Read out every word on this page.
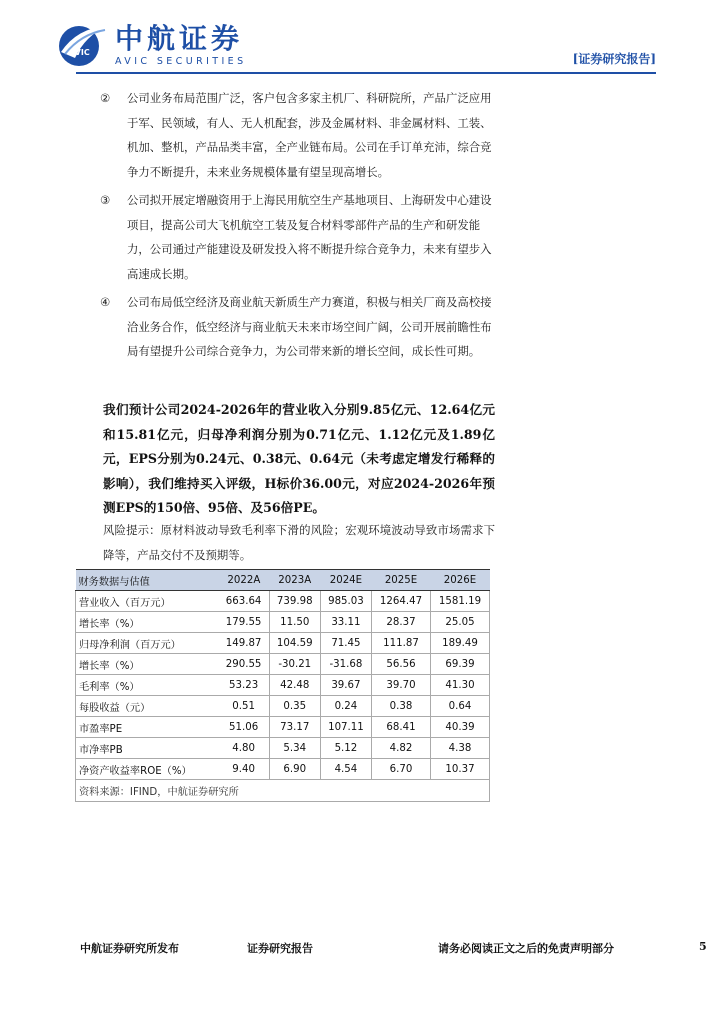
AVIC 中航证券
AVIC SECURITIES	[证券研究报告]
② 公司业务布局范围广泛，客户包含多家主机厂、科研院所，产品广泛应用于军、民领域，有人、无人机配套，涉及金属材料、非金属材料、工装、机加、整机，产品品类丰富，全产业链布局。公司在手订单充沛，综合竞争力不断提升，未来业务规模体量有望呈现高增长。
③ 公司拟开展定增融资用于上海民用航空生产基地项目、上海研发中心建设项目，提高公司大飞机航空工装及复合材料零部件产品的生产和研发能力，公司通过产能建设及研发投入将不断提升综合竞争力，未来有望步入高速成长期。
④ 公司布局低空经济及商业航天新质生产力赛道，积极与相关厂商及高校接洽业务合作，低空经济与商业航天未来市场空间广阔，公司开展前瞻性布局有望提升公司综合竞争力，为公司带来新的增长空间，成长性可期。

我们预计公司2024-2026年的营业收入分别9.85亿元、12.64亿元和15.81亿元，归母净利润分别为0.71亿元、1.12亿元及1.89亿元，EPS分别为0.24元、0.38元、0.64元（未考虑定增发行稀释的影响），我们维持买入评级，H标价36.00元，对应2024-2026年预测EPS的150倍、95倍、及56倍PE。

风险提示：原材料波动导致毛利率下滑的风险；宏观环境波动导致市场需求下降等，产品交付不及预期等。

财务数据与估值	2022A	2023A	2024E	2025E	2026E
营业收入（百万元）	663.64	739.98	985.03	1264.47	1581.19
增长率（%）	179.55	11.50	33.11	28.37	25.05
归母净利润（百万元）	149.87	104.59	71.45	111.87	189.49
增长率（%）	290.55	-30.21	-31.68	56.56	69.39
毛利率（%）	53.23	42.48	39.67	39.70	41.30
每股收益（元）	0.51	0.35	0.24	0.38	0.64
市盈率PE	51.06	73.17	107.11	68.41	40.39
市净率PB	4.80	5.34	5.12	4.82	4.38
净资产收益率ROE（%）	9.40	6.90	4.54	6.70	10.37
资料来源：IFIND，中航证券研究所					
中航证券研究所发布	证券研究报告	请务必阅读正文之后的免责声明部分	5
